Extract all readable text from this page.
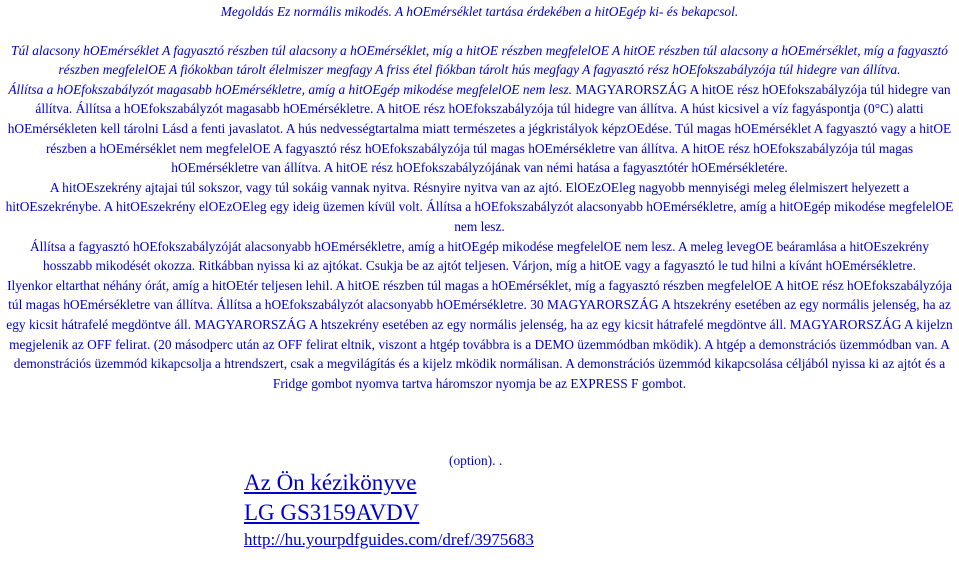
Megoldás Ez normális mikodés. A hOEmérséklet tartása érdekében a hitOEgép ki- és bekapcsol.

Túl alacsony hOEmérséklet A fagyasztó részben túl alacsony a hOEmérséklet, míg a hitOE részben megfelelOE A hitOE részben túl alacsony a hOEmérséklet, míg a fagyasztó részben megfelelOE A fiókokban tárolt élelmiszer megfagy A friss étel fiókban tárolt hús megfagy A fagyasztó rész hOEfokszabályzója túl hidegre van állítva.

Állítsa a hOEfokszabályzót magasabb hOEmérsékletre, amíg a hitOEgép mikodése megfelelOE nem lesz. MAGYARORSZÁG A hitOE rész hOEfokszabályzója túl hidegre van állítva. Állítsa a hOEfokszabályzót magasabb hOEmérsékletre. A hitOE rész hOEfokszabályzója túl hidegre van állítva. A húst kicsivel a víz fagyáspontja (0°C) alatti hOEmérsékleten kell tárolni Lásd a fenti javaslatot. A hús nedvességtartalma miatt természetes a jégkristályok képzOEdése. Túl magas hOEmérséklet A fagyasztó vagy a hitOE részben a hOEmérséklet nem megfelelOE A fagyasztó rész hOEfokszabályzója túl magas hOEmérsékletre van állítva. A hitOE rész hOEfokszabályzója túl magas hOEmérsékletre van állítva. A hitOE rész hOEfokszabályzójának van némi hatása a fagyasztótér hOEmérsékletére.

A hitOEszekrény ajtajai túl sokszor, vagy túl sokáig vannak nyitva. Résnyire nyitva van az ajtó. ElOEzOEleg nagyobb mennyiségi meleg élelmiszert helyezett a hitOEszekrénybe. A hitOEszekrény elOEzOEleg egy ideig üzemen kívül volt. Állítsa a hOEfokszabályzót alacsonyabb hOEmérsékletre, amíg a hitOEgép mikodése megfelelOE nem lesz.

Állítsa a fagyasztó hOEfokszabályzóját alacsonyabb hOEmérsékletre, amíg a hitOEgép mikodése megfelelOE nem lesz. A meleg levegOE beáramlása a hitOEszekrény hosszabb mikodését okozza. Ritkábban nyissa ki az ajtókat. Csukja be az ajtót teljesen. Várjon, míg a hitOE vagy a fagyasztó le tud hilni a kívánt hOEmérsékletre.

Ilyenkor eltarthat néhány órát, amíg a hitOEtér teljesen lehil. A hitOE részben túl magas a hOEmérséklet, míg a fagyasztó részben megfelelOE A hitOE rész hOEfokszabályzója túl magas hOEmérsékletre van állítva. Állítsa a hOEfokszabályzót alacsonyabb hOEmérsékletre. 30 MAGYARORSZÁG A htszekrény esetében az egy normális jelenség, ha az egy kicsit hátrafelé megdöntve áll. MAGYARORSZÁG A htszekrény esetében az egy normális jelenség, ha az egy kicsit hátrafelé megdöntve áll. MAGYARORSZÁG A kijelzn megjelenik az OFF felirat. (20 másodperc után az OFF felirat eltnik, viszont a htgép továbbra is a DEMO üzemmódban mködik). A htgép a demonstrációs üzemmódban van. A demonstrációs üzemmód kikapcsolja a htrendszert, csak a megvilágítás és a kijelz mködik normálisan. A demonstrációs üzemmód kikapcsolása céljából nyissa ki az ajtót és a Fridge gombot nyomva tartva háromszor nyomja be az EXPRESS F gombot.

(option). .
Az Ön kézikönyve
LG GS3159AVDV
http://hu.yourpdfguides.com/dref/3975683
